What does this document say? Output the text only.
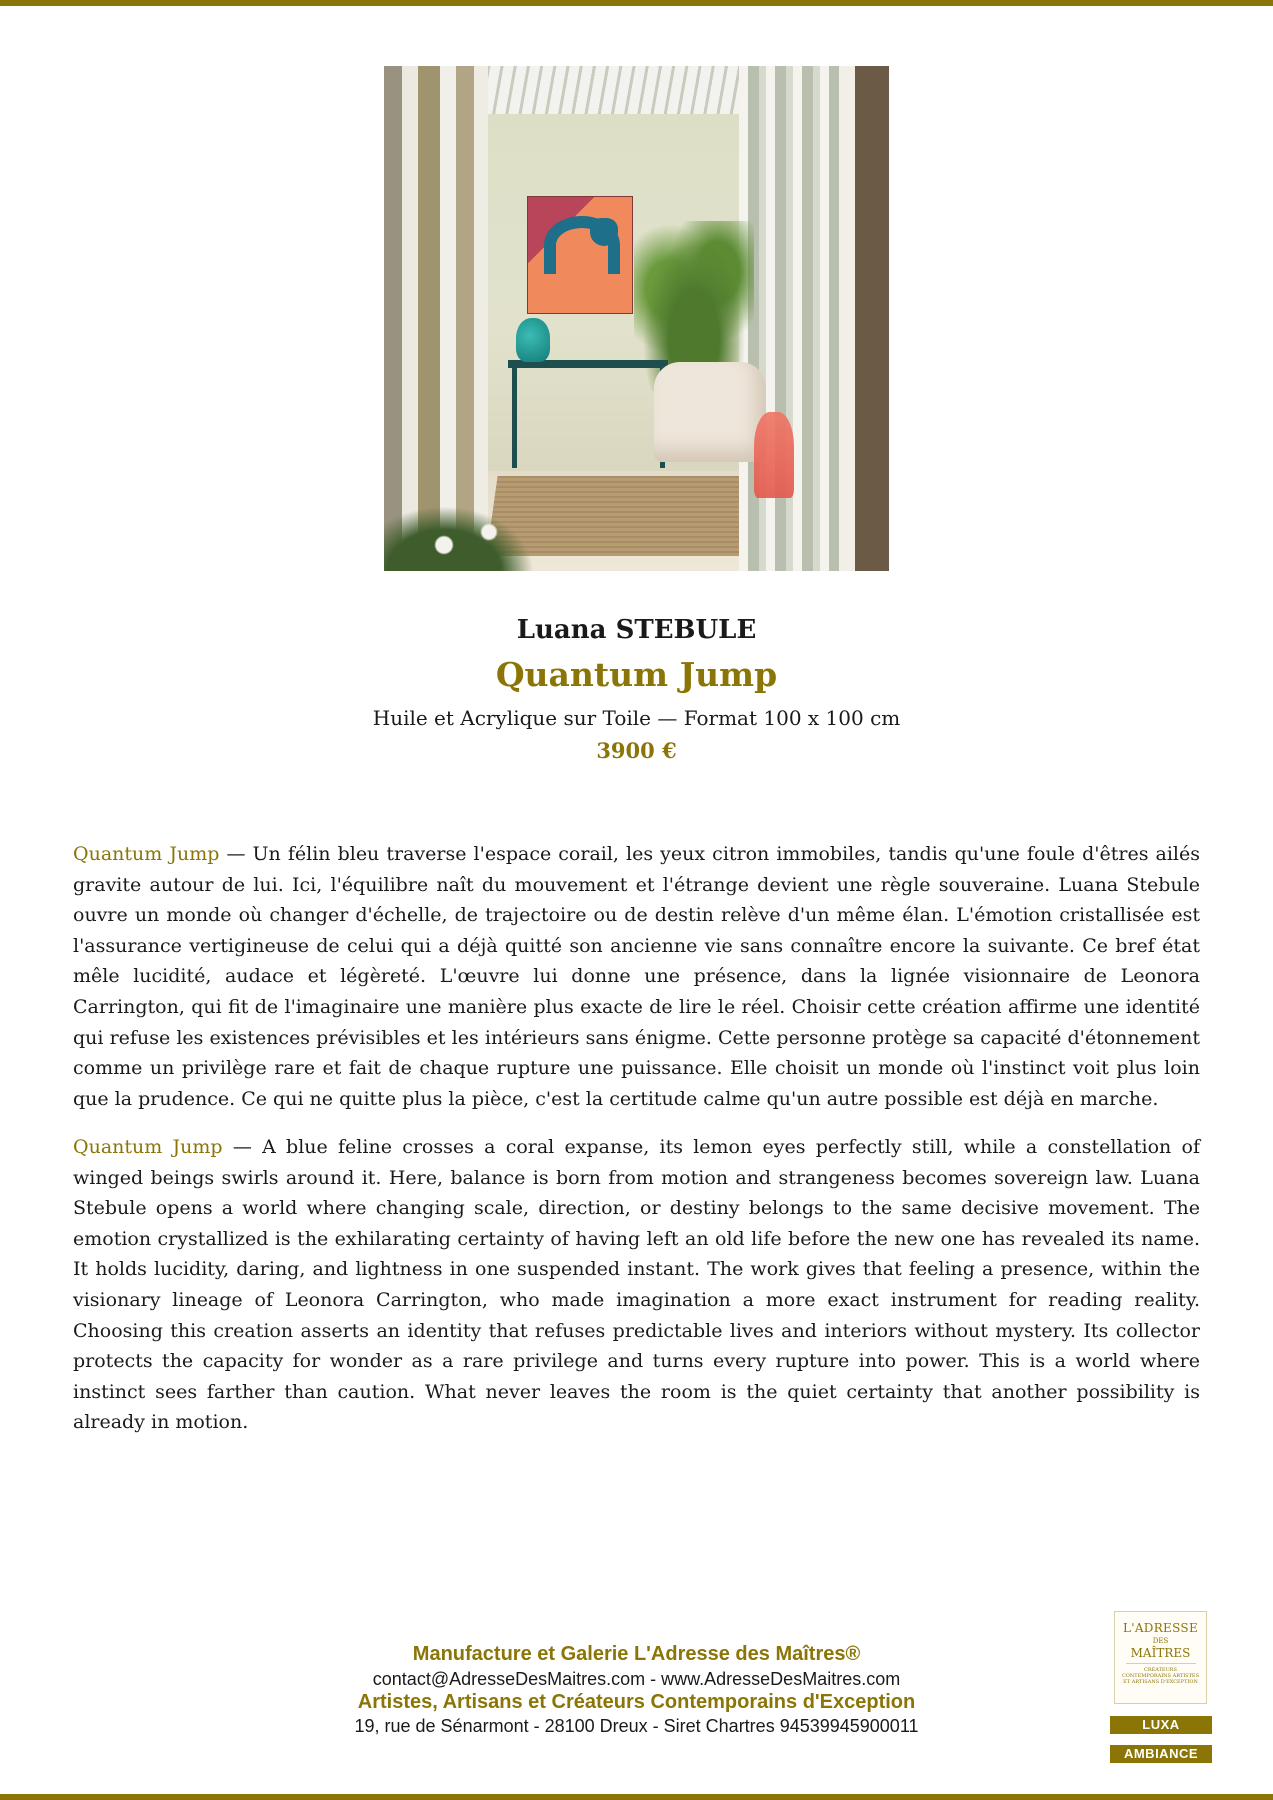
Luana STEBULE
Quantum Jump
Huile et Acrylique sur Toile — Format 100 x 100 cm
3900 €

Quantum Jump — Un félin bleu traverse l'espace corail, les yeux citron immobiles, tandis qu'une foule d'êtres ailés gravite autour de lui. Ici, l'équilibre naît du mouvement et l'étrange devient une règle souveraine. Luana Stebule ouvre un monde où changer d'échelle, de trajectoire ou de destin relève d'un même élan. L'émotion cristallisée est l'assurance vertigineuse de celui qui a déjà quitté son ancienne vie sans connaître encore la suivante. Ce bref état mêle lucidité, audace et légèreté. L'œuvre lui donne une présence, dans la lignée visionnaire de Leonora Carrington, qui fit de l'imaginaire une manière plus exacte de lire le réel. Choisir cette création affirme une identité qui refuse les existences prévisibles et les intérieurs sans énigme. Cette personne protège sa capacité d'étonnement comme un privilège rare et fait de chaque rupture une puissance. Elle choisit un monde où l'instinct voit plus loin que la prudence. Ce qui ne quitte plus la pièce, c'est la certitude calme qu'un autre possible est déjà en marche.

Quantum Jump — A blue feline crosses a coral expanse, its lemon eyes perfectly still, while a constellation of winged beings swirls around it. Here, balance is born from motion and strangeness becomes sovereign law. Luana Stebule opens a world where changing scale, direction, or destiny belongs to the same decisive movement. The emotion crystallized is the exhilarating certainty of having left an old life before the new one has revealed its name. It holds lucidity, daring, and lightness in one suspended instant. The work gives that feeling a presence, within the visionary lineage of Leonora Carrington, who made imagination a more exact instrument for reading reality. Choosing this creation asserts an identity that refuses predictable lives and interiors without mystery. Its collector protects the capacity for wonder as a rare privilege and turns every rupture into power. This is a world where instinct sees farther than caution. What never leaves the room is the quiet certainty that another possibility is already in motion.

Manufacture et Galerie L'Adresse des Maîtres®
contact@AdresseDesMaitres.com - www.AdresseDesMaitres.com
Artistes, Artisans et Créateurs Contemporains d'Exception
19, rue de Sénarmont - 28100 Dreux - Siret Chartres 94539945900011
L'ADRESSE
DES
MAÎTRES
CRÉATEURS CONTEMPORAINS ARTISTES ET ARTISANS D'EXCEPTION
LUXA
AMBIANCE
